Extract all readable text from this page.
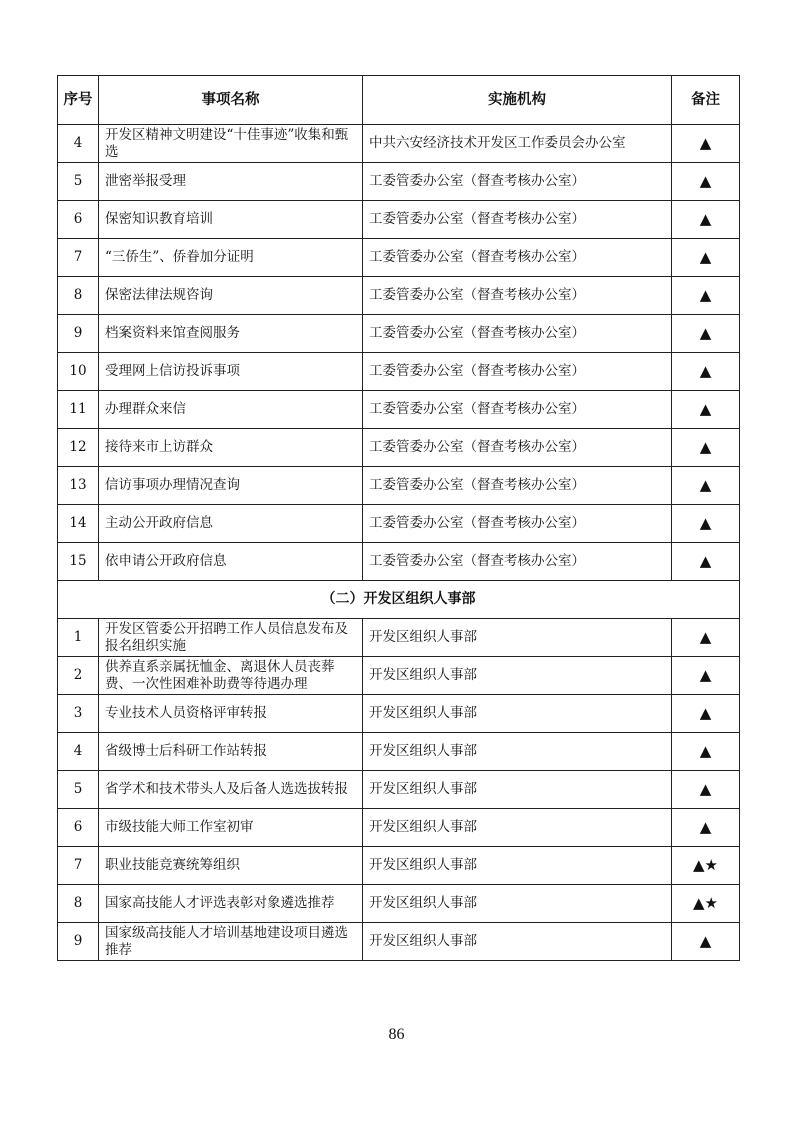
序号	事项名称	实施机构	备注
4	开发区精神文明建设“十佳事迹”收集和甄选	中共六安经济技术开发区工作委员会办公室	▲
5	泄密举报受理	工委管委办公室（督查考核办公室）	▲
6	保密知识教育培训	工委管委办公室（督查考核办公室）	▲
7	“三侨生”、侨眷加分证明	工委管委办公室（督查考核办公室）	▲
8	保密法律法规咨询	工委管委办公室（督查考核办公室）	▲
9	档案资料来馆查阅服务	工委管委办公室（督查考核办公室）	▲
10	受理网上信访投诉事项	工委管委办公室（督查考核办公室）	▲
11	办理群众来信	工委管委办公室（督查考核办公室）	▲
12	接待来市上访群众	工委管委办公室（督查考核办公室）	▲
13	信访事项办理情况查询	工委管委办公室（督查考核办公室）	▲
14	主动公开政府信息	工委管委办公室（督查考核办公室）	▲
15	依申请公开政府信息	工委管委办公室（督查考核办公室）	▲
（二）开发区组织人事部			
1	开发区管委公开招聘工作人员信息发布及报名组织实施	开发区组织人事部	▲
2	供养直系亲属抚恤金、离退休人员丧葬费、一次性困难补助费等待遇办理	开发区组织人事部	▲
3	专业技术人员资格评审转报	开发区组织人事部	▲
4	省级博士后科研工作站转报	开发区组织人事部	▲
5	省学术和技术带头人及后备人选选拔转报	开发区组织人事部	▲
6	市级技能大师工作室初审	开发区组织人事部	▲
7	职业技能竞赛统筹组织	开发区组织人事部	▲★
8	国家高技能人才评选表彰对象遴选推荐	开发区组织人事部	▲★
9	国家级高技能人才培训基地建设项目遴选推荐	开发区组织人事部	▲
86
